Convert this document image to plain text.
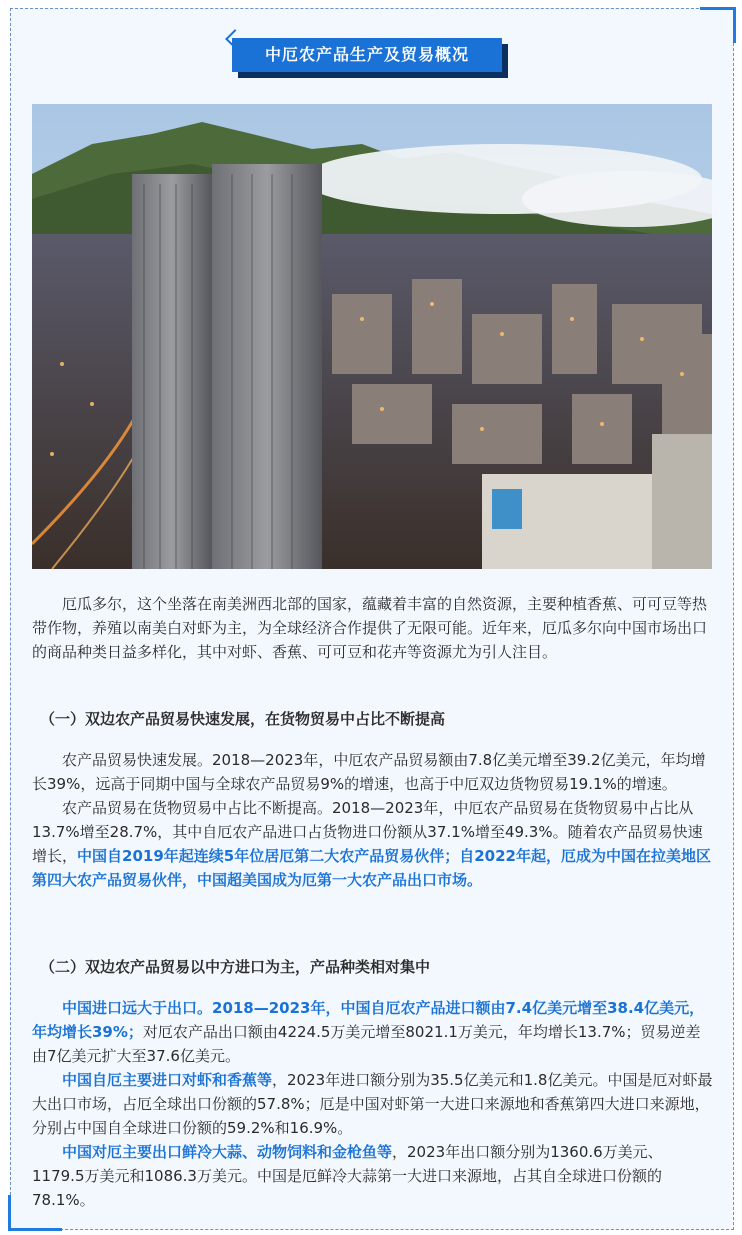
中厄农产品生产及贸易概况

厄瓜多尔，这个坐落在南美洲西北部的国家，蕴藏着丰富的自然资源，主要种植香蕉、可可豆等热带作物，养殖以南美白对虾为主，为全球经济合作提供了无限可能。近年来，厄瓜多尔向中国市场出口的商品种类日益多样化，其中对虾、香蕉、可可豆和花卉等资源尤为引人注目。

（一）双边农产品贸易快速发展，在货物贸易中占比不断提高

农产品贸易快速发展。2018—2023年，中厄农产品贸易额由7.8亿美元增至39.2亿美元，年均增长39%，远高于同期中国与全球农产品贸易9%的增速，也高于中厄双边货物贸易19.1%的增速。

农产品贸易在货物贸易中占比不断提高。2018—2023年，中厄农产品贸易在货物贸易中占比从13.7%增至28.7%，其中自厄农产品进口占货物进口份额从37.1%增至49.3%。随着农产品贸易快速增长，中国自2019年起连续5年位居厄第二大农产品贸易伙伴；自2022年起，厄成为中国在拉美地区第四大农产品贸易伙伴，中国超美国成为厄第一大农产品出口市场。

（二）双边农产品贸易以中方进口为主，产品种类相对集中

中国进口远大于出口。2018—2023年，中国自厄农产品进口额由7.4亿美元增至38.4亿美元，年均增长39%；对厄农产品出口额由4224.5万美元增至8021.1万美元，年均增长13.7%；贸易逆差由7亿美元扩大至37.6亿美元。

中国自厄主要进口对虾和香蕉等，2023年进口额分别为35.5亿美元和1.8亿美元。中国是厄对虾最大出口市场，占厄全球出口份额的57.8%；厄是中国对虾第一大进口来源地和香蕉第四大进口来源地，分别占中国自全球进口份额的59.2%和16.9%。

中国对厄主要出口鲜冷大蒜、动物饲料和金枪鱼等，2023年出口额分别为1360.6万美元、1179.5万美元和1086.3万美元。中国是厄鲜冷大蒜第一大进口来源地，占其自全球进口份额的78.1%。
